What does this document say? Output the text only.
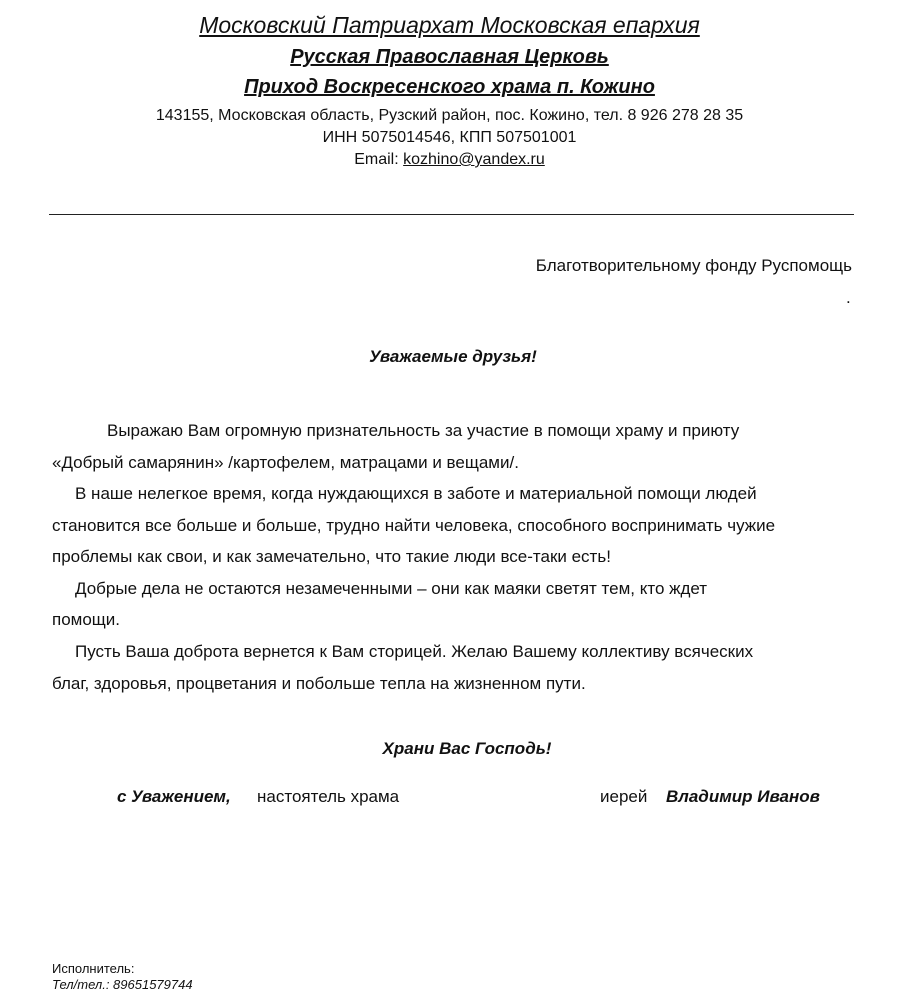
Московский Патриархат Московская епархия
Русская Православная Церковь
Приход Воскресенского храма п. Кожино
143155, Московская область, Рузский район, пос. Кожино, тел. 8 926 278 28 35
ИНН 5075014546, КПП 507501001
Email: kozhino@yandex.ru
Благотворительному фонду Руспомощь
.
Уважаемые друзья!
Выражаю Вам огромную признательность за участие в помощи храму и приюту
«Добрый самарянин» /картофелем, матрацами и вещами/.
В наше нелегкое время, когда нуждающихся в заботе и материальной помощи людей
становится все больше и больше, трудно найти человека, способного воспринимать чужие
проблемы как свои, и как замечательно, что такие люди все-таки есть!
Добрые дела не остаются незамеченными – они как маяки светят тем, кто ждет
помощи.
Пусть Ваша доброта вернется к Вам сторицей. Желаю Вашему коллективу всяческих
благ, здоровья, процветания и побольше тепла на жизненном пути.
Храни Вас Господь!
с Уважением, настоятель храма	иерей Владимир Иванов
Исполнитель:
Тел/тел.: 89651579744
